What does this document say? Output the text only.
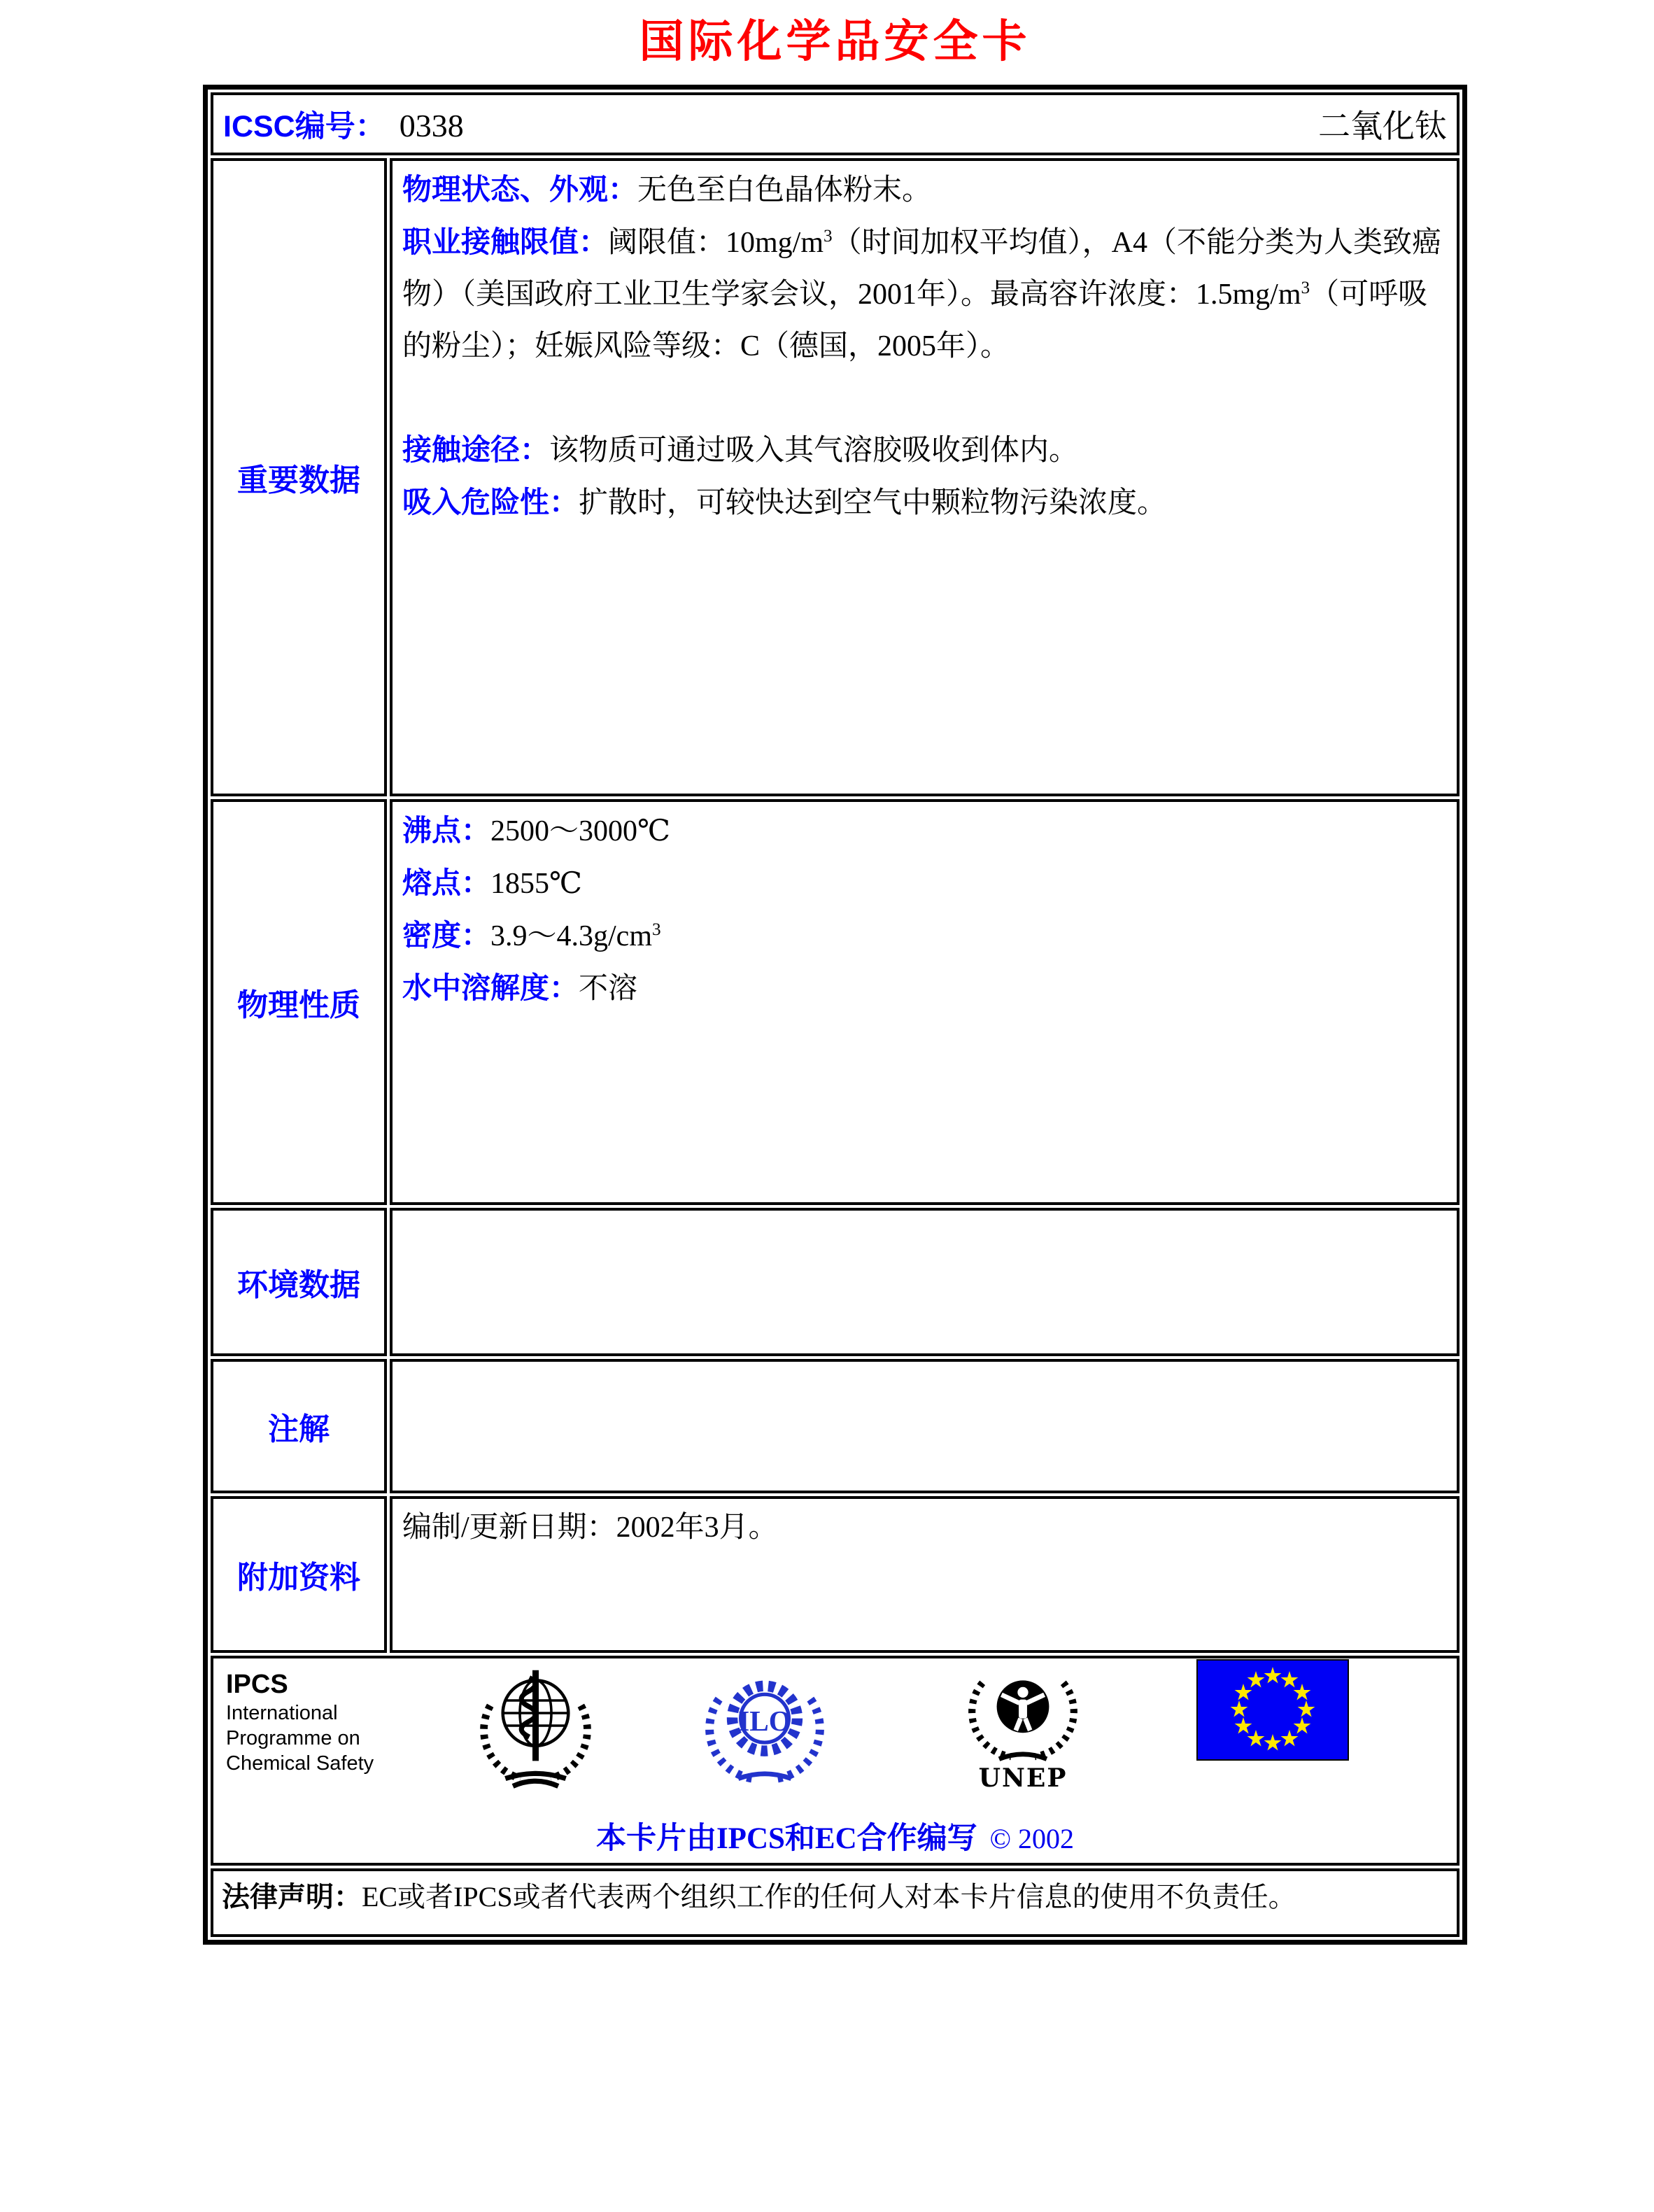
国际化学品安全卡
ICSC编号： 0338	二氧化钛
重要数据

物理状态、外观：无色至白色晶体粉末。

职业接触限值：阈限值：$10mg/m^3$（时间加权平均值），A4（不能分类为人类致癌物）（美国政府工业卫生学家会议，2001年）。最高容许浓度：$1.5mg/m^3$（可呼吸的粉尘）；妊娠风险等级：C（德国，2005年）。

接触途径：该物质可通过吸入其气溶胶吸收到体内。

吸入危险性：扩散时，可较快达到空气中颗粒物污染浓度。

物理性质

沸点：2500～3000℃

熔点：1855℃

密度：$3.9\sim 4.3g/cm^3$

水中溶解度：不溶

环境数据
注解
附加资料

编制/更新日期：2002年3月。

IPCS
International
Programme on
Chemical Safety
ILO
UNEP
本卡片由IPCS和EC合作编写 © 2002

法律声明：EC或者IPCS或者代表两个组织工作的任何人对本卡片信息的使用不负责任。
